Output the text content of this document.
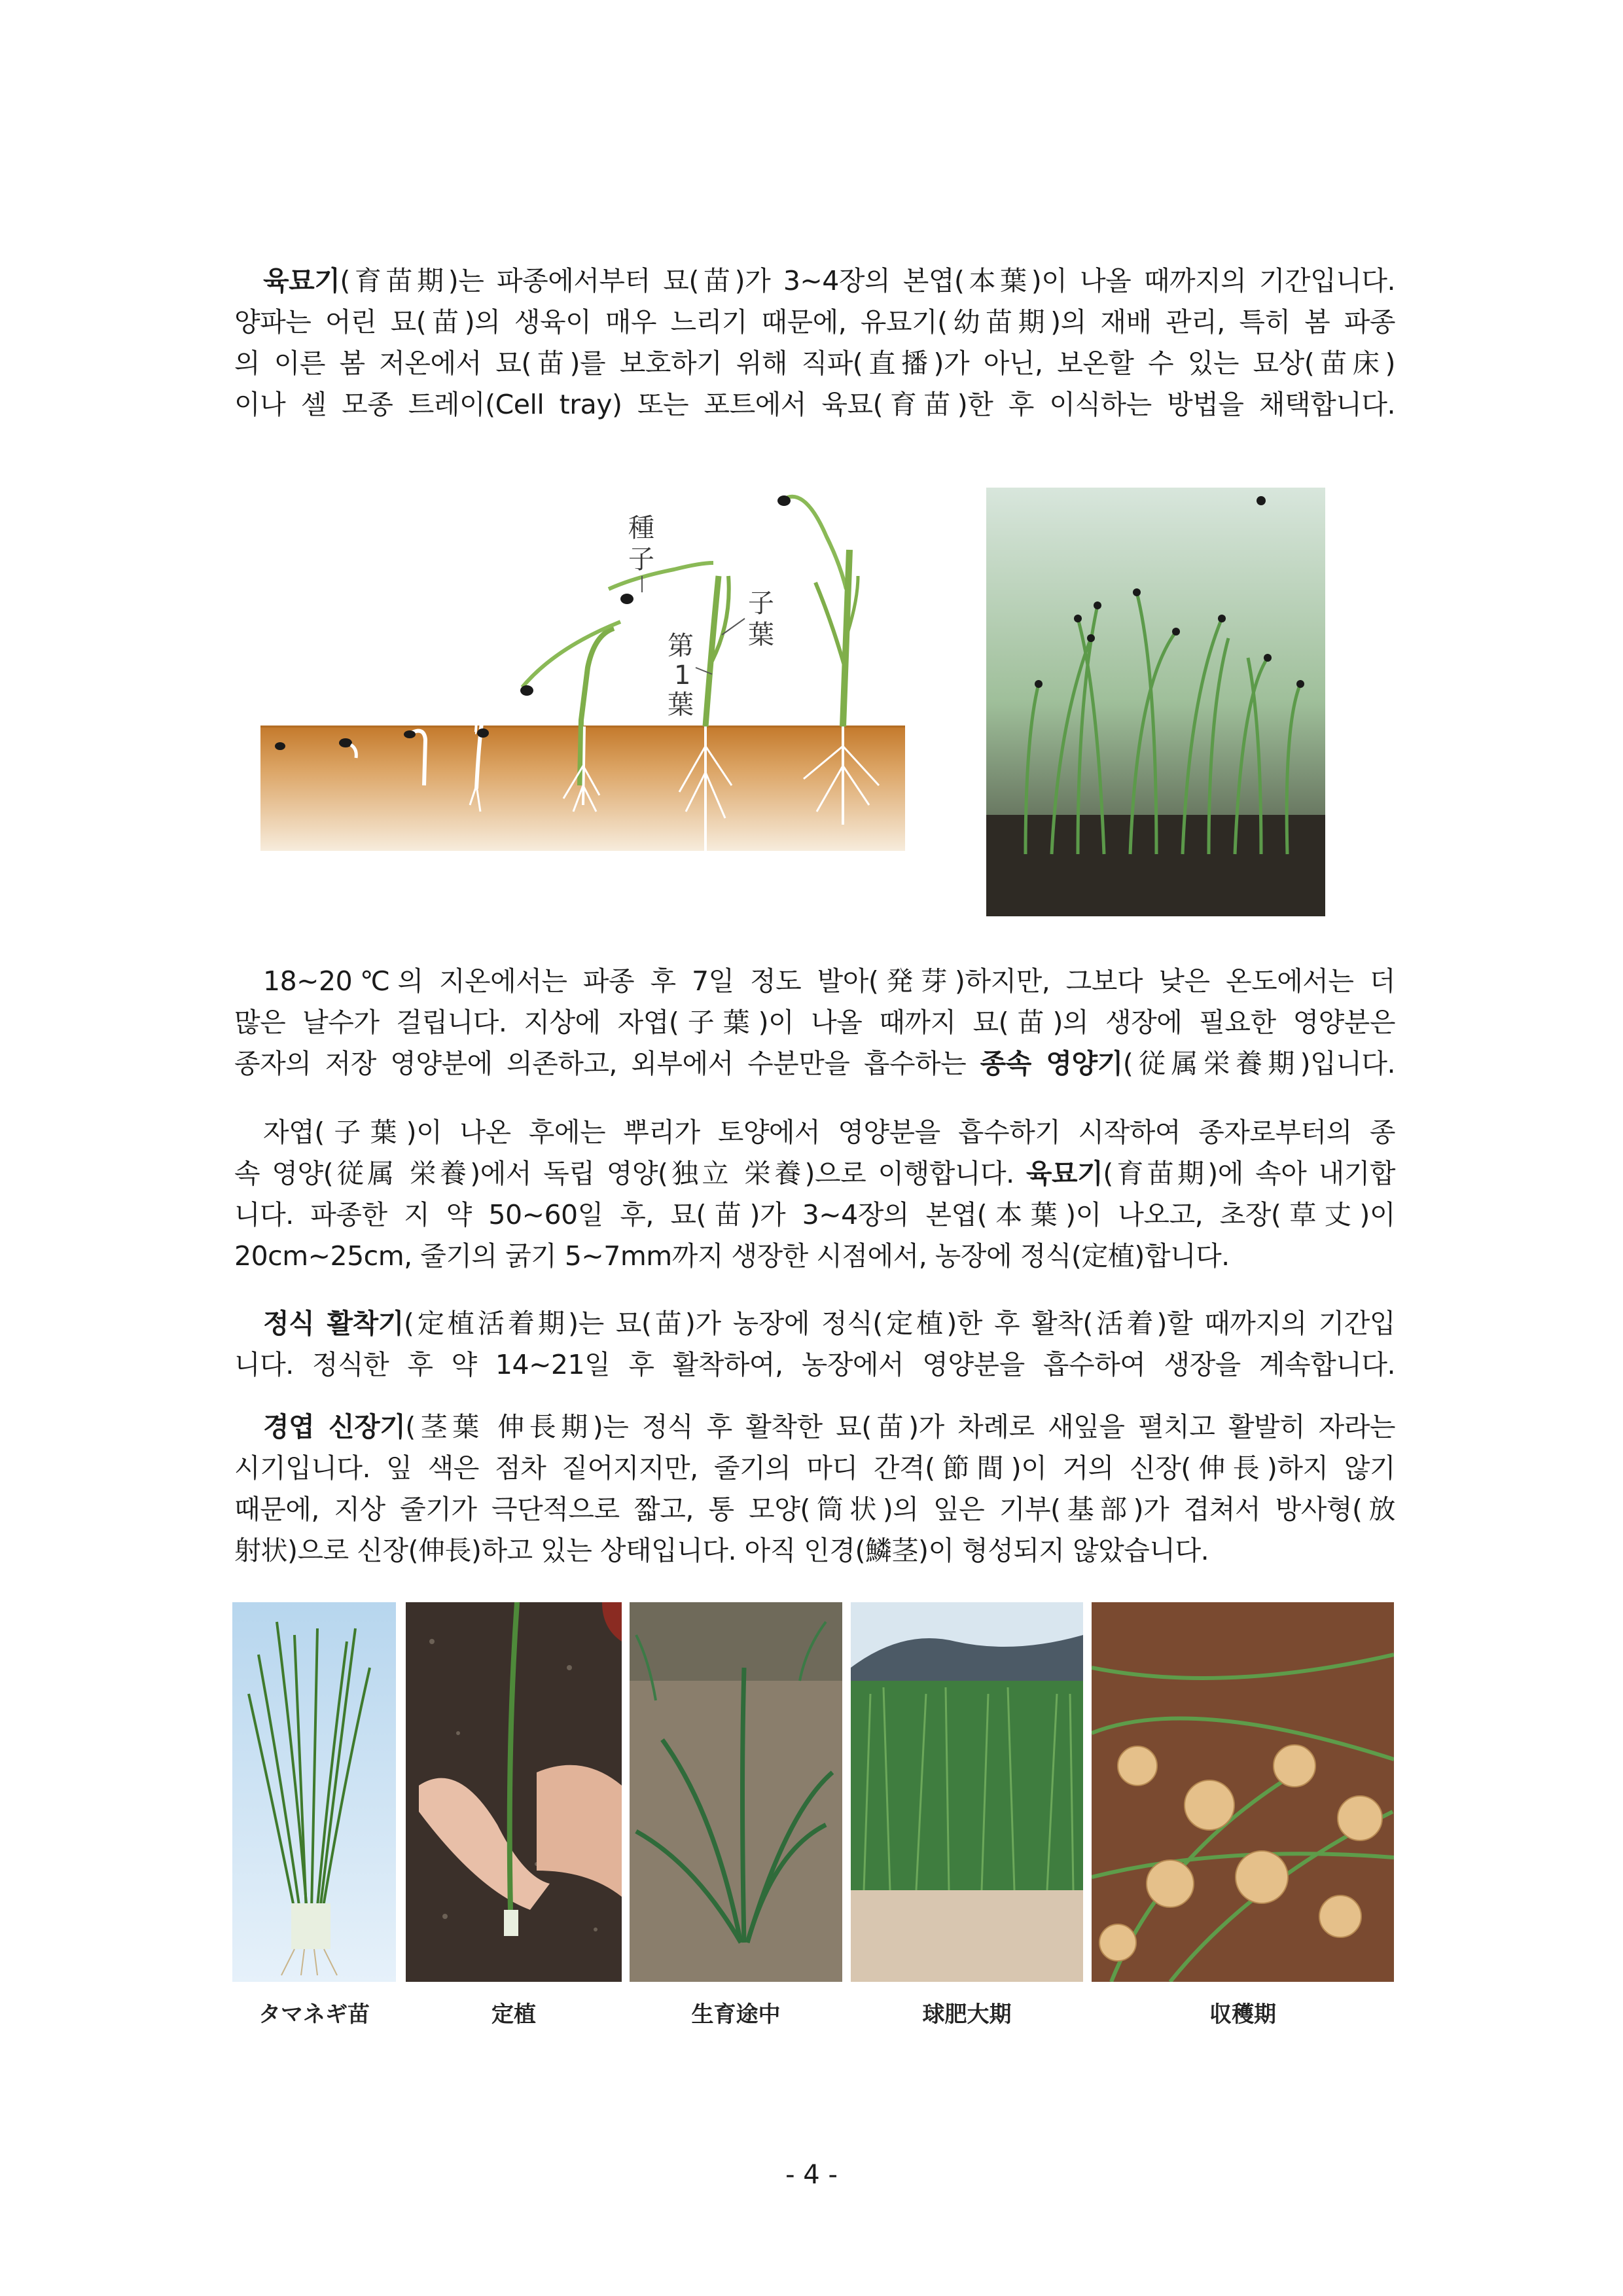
육묘기(育苗期)는 파종에서부터 묘(苗)가 3~4장의 본엽(本葉)이 나올 때까지의 기간입니다.
양파는 어린 묘(苗)의 생육이 매우 느리기 때문에, 유묘기(幼苗期)의 재배 관리, 특히 봄 파종
의 이른 봄 저온에서 묘(苗)를 보호하기 위해 직파(直播)가 아닌, 보온할 수 있는 묘상(苗床)
이나 셀 모종 트레이(Cell tray) 또는 포트에서 육묘(育苗)한 후 이식하는 방법을 채택합니다.
種
子
子
葉
第
1
葉
18~20℃의 지온에서는 파종 후 7일 정도 발아(発芽)하지만, 그보다 낮은 온도에서는 더
많은 날수가 걸립니다. 지상에 자엽(子葉)이 나올 때까지 묘(苗)의 생장에 필요한 영양분은
종자의 저장 영양분에 의존하고, 외부에서 수분만을 흡수하는 종속 영양기(従属栄養期)입니다.
자엽(子葉)이 나온 후에는 뿌리가 토양에서 영양분을 흡수하기 시작하여 종자로부터의 종
속 영양(従属 栄養)에서 독립 영양(独立 栄養)으로 이행합니다. 육묘기(育苗期)에 속아 내기합
니다. 파종한 지 약 50~60일 후, 묘(苗)가 3~4장의 본엽(本葉)이 나오고, 초장(草丈)이
20cm~25cm, 줄기의 굵기 5~7mm까지 생장한 시점에서, 농장에 정식(定植)합니다.
정식 활착기(定植活着期)는 묘(苗)가 농장에 정식(定植)한 후 활착(活着)할 때까지의 기간입
니다. 정식한 후 약 14~21일 후 활착하여, 농장에서 영양분을 흡수하여 생장을 계속합니다.
경엽 신장기(茎葉 伸長期)는 정식 후 활착한 묘(苗)가 차례로 새잎을 펼치고 활발히 자라는
시기입니다. 잎 색은 점차 짙어지지만, 줄기의 마디 간격(節間)이 거의 신장(伸長)하지 않기
때문에, 지상 줄기가 극단적으로 짧고, 통 모양(筒状)의 잎은 기부(基部)가 겹쳐서 방사형(放
射状)으로 신장(伸長)하고 있는 상태입니다. 아직 인경(鱗茎)이 형성되지 않았습니다.
タマネギ苗	定植	生育途中	球肥大期	収穫期
- 4 -
